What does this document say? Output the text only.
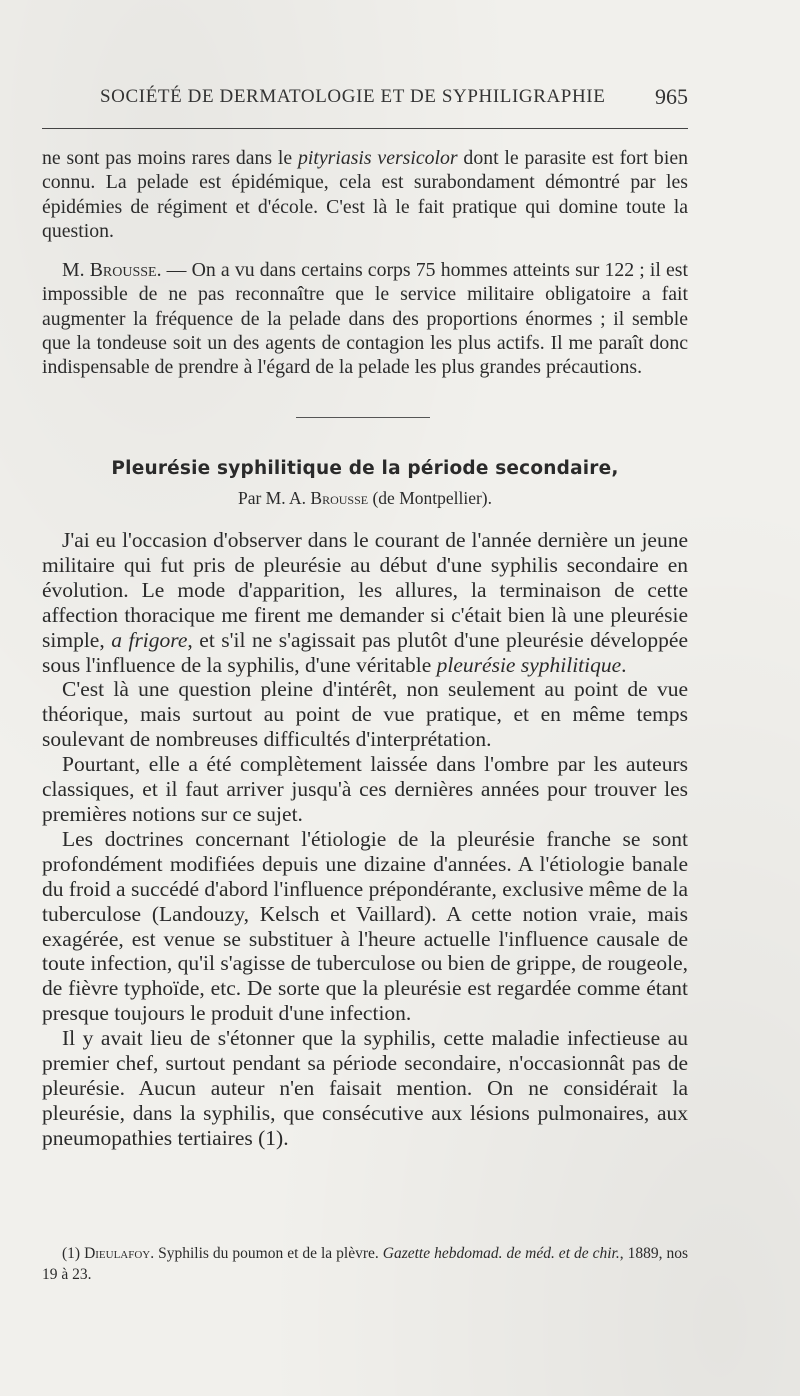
SOCIÉTÉ DE DERMATOLOGIE ET DE SYPHILIGRAPHIE 965

ne sont pas moins rares dans le pityriasis versicolor dont le parasite est fort bien connu. La pelade est épidémique, cela est surabondament démontré par les épidémies de régiment et d'école. C'est là le fait pratique qui domine toute la question.

M. Brousse. — On a vu dans certains corps 75 hommes atteints sur 122 ; il est impossible de ne pas reconnaître que le service militaire obligatoire a fait augmenter la fréquence de la pelade dans des proportions énormes ; il semble que la tondeuse soit un des agents de contagion les plus actifs. Il me paraît donc indispensable de prendre à l'égard de la pelade les plus grandes précautions.

Pleurésie syphilitique de la période secondaire,
Par M. A. Brousse (de Montpellier).

J'ai eu l'occasion d'observer dans le courant de l'année dernière un jeune militaire qui fut pris de pleurésie au début d'une syphilis secondaire en évolution. Le mode d'apparition, les allures, la terminaison de cette affection thoracique me firent me demander si c'était bien là une pleurésie simple, a frigore, et s'il ne s'agissait pas plutôt d'une pleurésie développée sous l'influence de la syphilis, d'une véritable pleurésie syphilitique.

C'est là une question pleine d'intérêt, non seulement au point de vue théorique, mais surtout au point de vue pratique, et en même temps soulevant de nombreuses difficultés d'interprétation.

Pourtant, elle a été complètement laissée dans l'ombre par les auteurs classiques, et il faut arriver jusqu'à ces dernières années pour trouver les premières notions sur ce sujet.

Les doctrines concernant l'étiologie de la pleurésie franche se sont profondément modifiées depuis une dizaine d'années. A l'étiologie banale du froid a succédé d'abord l'influence prépondérante, exclusive même de la tuberculose (Landouzy, Kelsch et Vaillard). A cette notion vraie, mais exagérée, est venue se substituer à l'heure actuelle l'influence causale de toute infection, qu'il s'agisse de tuberculose ou bien de grippe, de rougeole, de fièvre typhoïde, etc. De sorte que la pleurésie est regardée comme étant presque toujours le produit d'une infection.

Il y avait lieu de s'étonner que la syphilis, cette maladie infectieuse au premier chef, surtout pendant sa période secondaire, n'occasionnât pas de pleurésie. Aucun auteur n'en faisait mention. On ne considérait la pleurésie, dans la syphilis, que consécutive aux lésions pulmonaires, aux pneumopathies tertiaires (1).

(1) Dieulafoy. Syphilis du poumon et de la plèvre. Gazette hebdomad. de méd. et de chir., 1889, nos 19 à 23.
